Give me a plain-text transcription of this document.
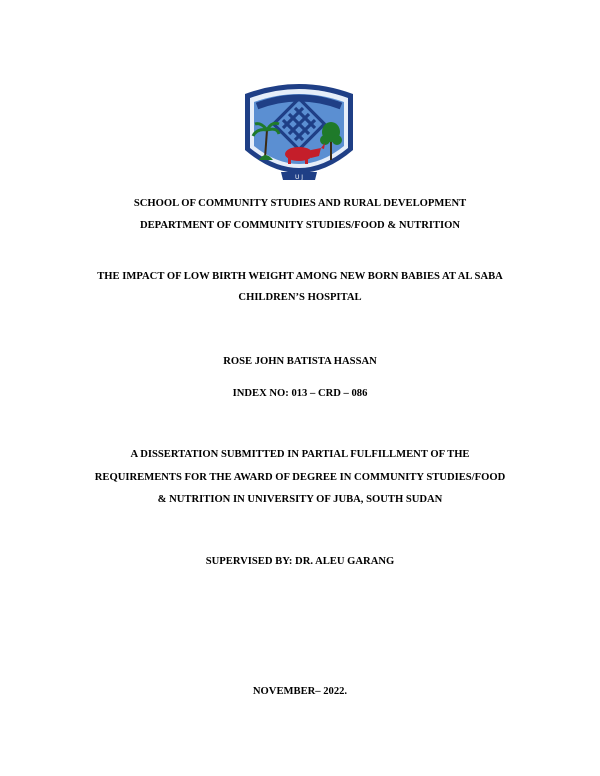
U J
SCHOOL OF COMMUNITY STUDIES AND RURAL DEVELOPMENT
DEPARTMENT OF COMMUNITY STUDIES/FOOD & NUTRITION
THE IMPACT OF LOW BIRTH WEIGHT AMONG NEW BORN BABIES AT AL SABA
CHILDREN’S HOSPITAL
ROSE JOHN BATISTA HASSAN
INDEX NO: 013 – CRD – 086
A DISSERTATION SUBMITTED IN PARTIAL FULFILLMENT OF THE
REQUIREMENTS FOR THE AWARD OF DEGREE IN COMMUNITY STUDIES/FOOD
& NUTRITION IN UNIVERSITY OF JUBA, SOUTH SUDAN
SUPERVISED BY: DR. ALEU GARANG
NOVEMBER– 2022.
